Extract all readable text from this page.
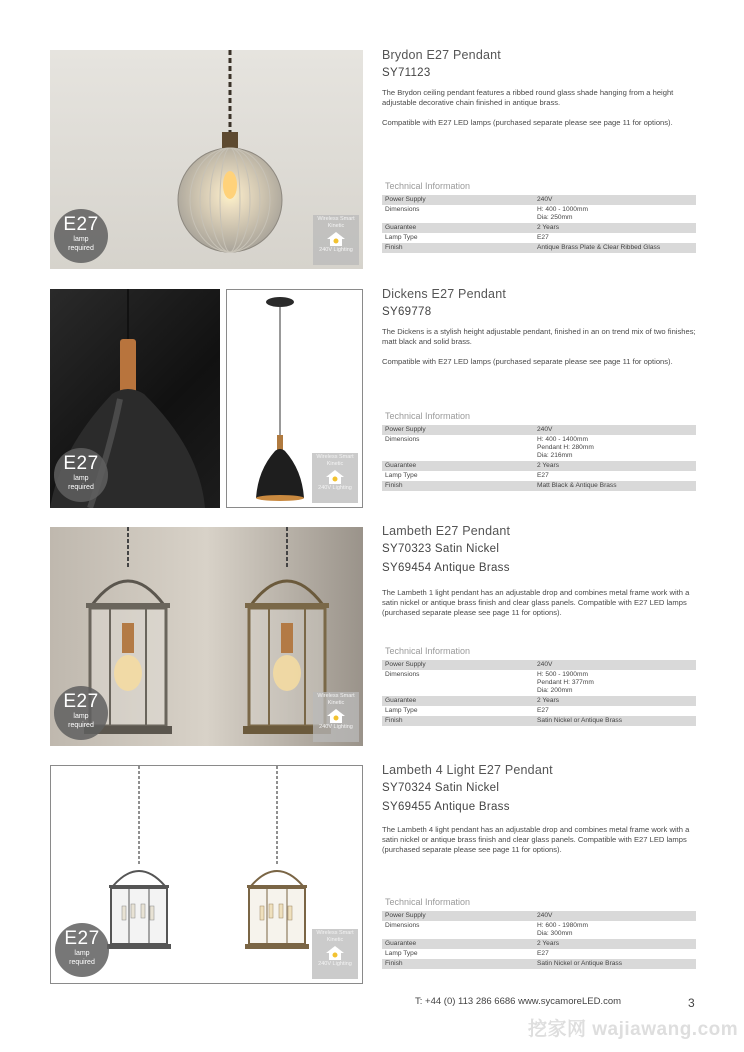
E27
lamp
required
Wireless Smart
Kinetic
240V Lighting
Brydon E27 Pendant
SY71123
The Brydon ceiling pendant features a ribbed round glass shade hanging from a height adjustable decorative chain finished in antique brass.
Compatible with E27 LED lamps (purchased separate please see page 11 for options).
Technical Information
Power Supply	240V
Dimensions	H: 400 - 1000mm
Dia: 250mm

Guarantee	2 Years
Lamp Type	E27
Finish	Antique Brass Plate & Clear Ribbed Glass
E27
lamp
required
Wireless Smart
Kinetic
240V Lighting
Dickens E27 Pendant
SY69778
The Dickens is a stylish height adjustable pendant, finished in an on trend mix of two finishes; matt black and solid brass.
Compatible with E27 LED lamps (purchased separate please see page 11 for options).
Technical Information
Power Supply	240V
Dimensions	H: 400 - 1400mm
Pendant H: 280mm
Dia: 216mm

Guarantee	2 Years
Lamp Type	E27
Finish	Matt Black & Antique Brass
E27
lamp
required
Wireless Smart
Kinetic
240V Lighting
Lambeth E27 Pendant
SY70323 Satin Nickel
SY69454 Antique Brass
The Lambeth 1 light pendant has an adjustable drop and combines metal frame work with a satin nickel or antique brass finish and clear glass panels. Compatible with E27 LED lamps (purchased separate please see page 11 for options).
Technical Information
Power Supply	240V
Dimensions	H: 500 - 1900mm
Pendant H: 377mm
Dia: 200mm

Guarantee	2 Years
Lamp Type	E27
Finish	Satin Nickel or Antique Brass
E27
lamp
required
Wireless Smart
Kinetic
240V Lighting
Lambeth 4 Light E27 Pendant
SY70324 Satin Nickel
SY69455 Antique Brass
The Lambeth 4 light pendant has an adjustable drop and combines metal frame work with a satin nickel or antique brass finish and clear glass panels. Compatible with E27 LED lamps (purchased separate please see page 11 for options).
Technical Information
Power Supply	240V
Dimensions	H: 600 - 1980mm
Dia: 300mm

Guarantee	2 Years
Lamp Type	E27
Finish	Satin Nickel or Antique Brass
T: +44 (0) 113 286 6686 www.sycamoreLED.com	3
挖家网 wajiawang.com
